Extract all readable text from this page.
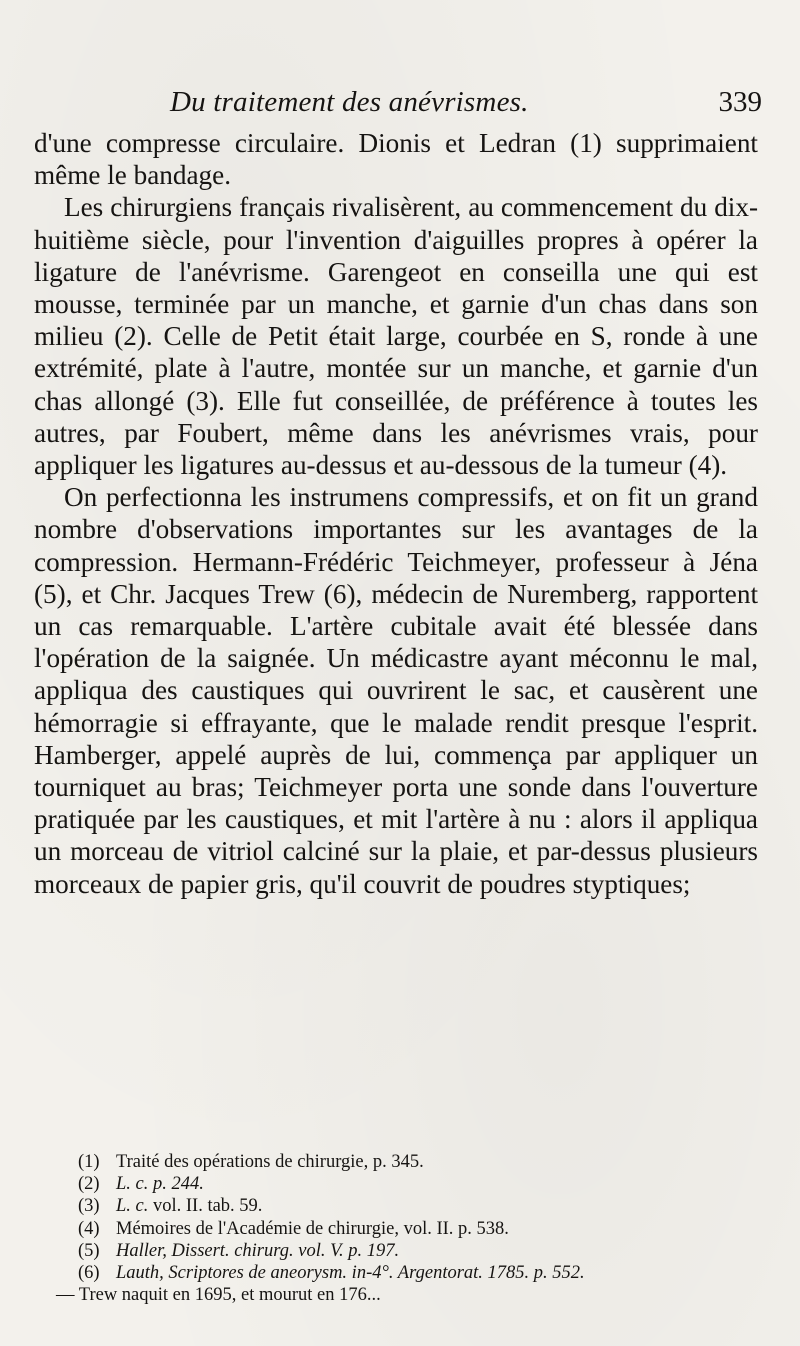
Du traitement des anévrismes.	339

d'une compresse circulaire. Dionis et Ledran (1) supprimaient même le bandage.

Les chirurgiens français rivalisèrent, au commencement du dix-huitième siècle, pour l'invention d'aiguilles propres à opérer la ligature de l'anévrisme. Garengeot en conseilla une qui est mousse, terminée par un manche, et garnie d'un chas dans son milieu (2). Celle de Petit était large, courbée en S, ronde à une extrémité, plate à l'autre, montée sur un manche, et garnie d'un chas allongé (3). Elle fut conseillée, de préférence à toutes les autres, par Foubert, même dans les anévrismes vrais, pour appliquer les ligatures au-dessus et au-dessous de la tumeur (4).

On perfectionna les instrumens compressifs, et on fit un grand nombre d'observations importantes sur les avantages de la compression. Hermann-Frédéric Teichmeyer, professeur à Jéna (5), et Chr. Jacques Trew (6), médecin de Nuremberg, rapportent un cas remarquable. L'artère cubitale avait été blessée dans l'opération de la saignée. Un médicastre ayant méconnu le mal, appliqua des caustiques qui ouvrirent le sac, et causèrent une hémorragie si effrayante, que le malade rendit presque l'esprit. Hamberger, appelé auprès de lui, commença par appliquer un tourniquet au bras; Teichmeyer porta une sonde dans l'ouverture pratiquée par les caustiques, et mit l'artère à nu : alors il appliqua un morceau de vitriol calciné sur la plaie, et par-dessus plusieurs morceaux de papier gris, qu'il couvrit de poudres styptiques;

(1) Traité des opérations de chirurgie, p. 345.
(2) L. c. p. 244.
(3) L. c. vol. II. tab. 59.
(4) Mémoires de l'Académie de chirurgie, vol. II. p. 538.
(5) Haller, Dissert. chirurg. vol. V. p. 197.
(6) Lauth, Scriptores de aneorysm. in-4°. Argentorat. 1785. p. 552.
— Trew naquit en 1695, et mourut en 176...
